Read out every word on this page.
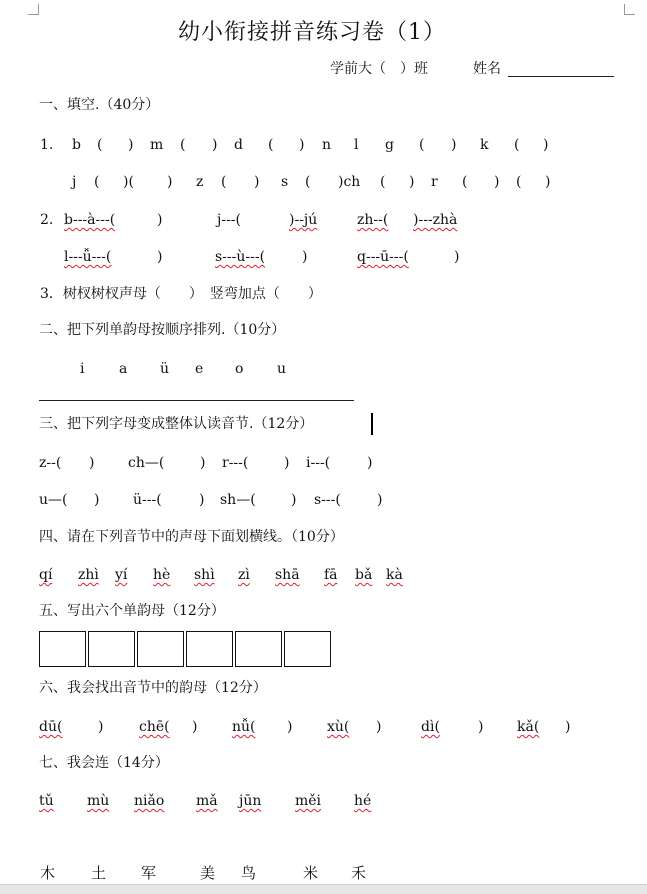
幼小衔接拼音练习卷（1）
学前大（　）班	姓名
一、填空.（40分）
1. b ( ) m ( ) d ( ) n l g ( ) k ( )
j ( )( ) z ( ) s ( )ch ( ) r ( ) ( )
2. b---à---(	)	j---(	)--jú	zh--( )---zhà
l---ǚ---(	)	s---ù---(	)	q---ū---(	)
3．树杈树杈声母（　　）　竖弯加点（　　）
二、把下列单韵母按顺序排列.（10分）
i a ü e o u
三、把下列字母变成整体认读音节.（12分）
z--( ) ch—(	) r---(	) i---(	)
u—( ) ü---(	) sh—(	) s---(	)
四、请在下列音节中的声母下面划横线。（10分）
qí zhì yí hè shì zì shā fā bǎ kà
五、写出六个单韵母（12分）
六、我会找出音节中的韵母（12分）
dū(	)	chē( ) nǚ( ) xù( )	dì(	) kǎ( )
七、我会连（14分）
tǔ mù niǎo mǎ jūn měi hé
木 土 军	美 鸟	米 禾
